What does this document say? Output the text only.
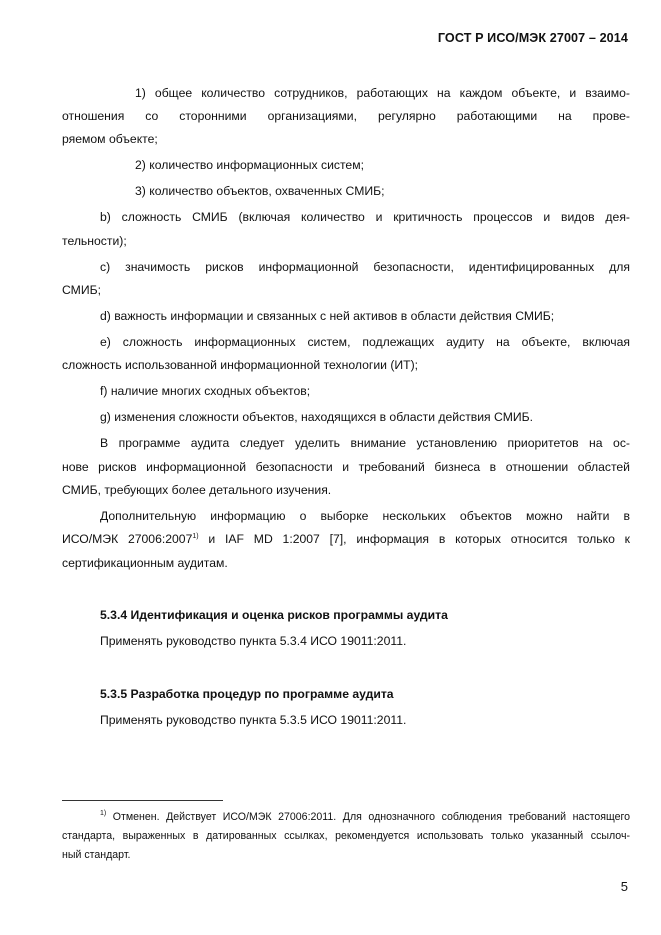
ГОСТ Р ИСО/МЭК 27007 – 2014
1) общее количество сотрудников, работающих на каждом объекте, и взаимо-
отношения со сторонними организациями, регулярно работающими на прове-
ряемом объекте;
2) количество информационных систем;
3) количество объектов, охваченных СМИБ;
b) сложность СМИБ (включая количество и критичность процессов и видов дея-
тельности);
c) значимость рисков информационной безопасности, идентифицированных для
СМИБ;
d) важность информации и связанных с ней активов в области действия СМИБ;
e) сложность информационных систем, подлежащих аудиту на объекте, включая
сложность использованной информационной технологии (ИТ);
f) наличие многих сходных объектов;
g) изменения сложности объектов, находящихся в области действия СМИБ.
В программе аудита следует уделить внимание установлению приоритетов на ос-
нове рисков информационной безопасности и требований бизнеса в отношении областей
СМИБ, требующих более детального изучения.
Дополнительную информацию о выборке нескольких объектов можно найти в
ИСО/МЭК 27006:2007$^{1)}$ и IAF MD 1:2007 [7], информация в которых относится только к
сертификационным аудитам.
5.3.4 Идентификация и оценка рисков программы аудита
Применять руководство пункта 5.3.4 ИСО 19011:2011.
5.3.5 Разработка процедур по программе аудита
Применять руководство пункта 5.3.5 ИСО 19011:2011.
$^{1)}$ Отменен. Действует ИСО/МЭК 27006:2011. Для однозначного соблюдения требований настоящего
стандарта, выраженных в датированных ссылках, рекомендуется использовать только указанный ссылоч-
ный стандарт.
5
